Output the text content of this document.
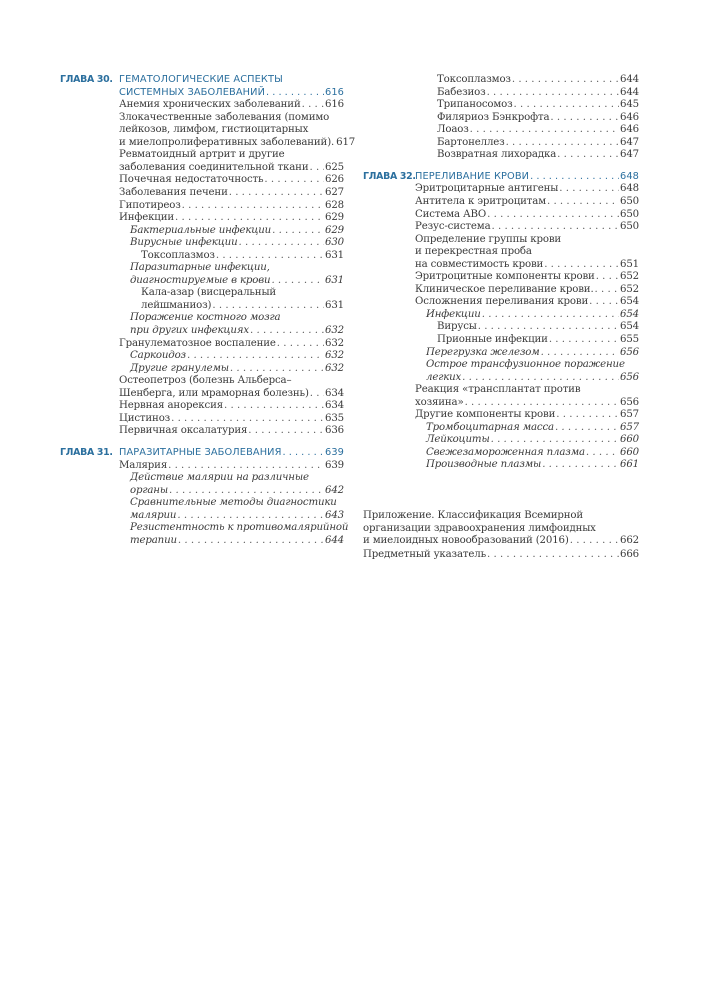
ГЛАВА 30. ГЕМАТОЛОГИЧЕСКИЕ АСПЕКТЫ
СИСТЕМНЫХ ЗАБОЛЕВАНИЙ . . .	616
Анемия хронических заболеваний . . . 616
Злокачественные заболевания (помимо
лейкозов, лимфом, гистиоцитарных
и миелопролиферативных заболеваний). 617
Ревматоидный артрит и другие
заболевания соединительной ткани . . . 625
Почечная недостаточность . . .	626
Заболевания печени . . .	627
Гипотиреоз . . .	628
Инфекции . . .	629
Бактериальные инфекции . . .	629
Вирусные инфекции . . .	630
Токсоплазмоз . . .	631
Паразитарные инфекции,
диагностируемые в крови . . .	631
Кала-азар (висцеральный
лейшманиоз) . . .	631
Поражение костного мозга
при других инфекциях . . .	632
Гранулематозное воспаление . . .	632
Саркоидоз . . .	632
Другие гранулемы . . .	632
Остеопетроз (болезнь Альберса–
Шенберга, или мраморная болезнь) . . . 634
Нервная анорексия . . .	634
Цистиноз . . .	635
Первичная оксалатурия . . .	636
ГЛАВА 31. ПАРАЗИТАРНЫЕ ЗАБОЛЕВАНИЯ . . .	639
Малярия . . .	639
Действие малярии на различные
органы . . .	642
Сравнительные методы диагностики
малярии . . .	643
Резистентность к противомалярийной
терапии . . .	644
Токсоплазмоз . . .	644
Бабезиоз . . .	644
Трипаносомоз . . .	645
Филяриоз Бэнкрофта . . .	646
Лоаоз . . .	646
Бартонеллез . . .	647
Возвратная лихорадка . . .	647
ГЛАВА 32. ПЕРЕЛИВАНИЕ КРОВИ . . .	648
Эритроцитарные антигены . . .	648
Антитела к эритроцитам . . .	650
Система АВО . . .	650
Резус-система . . .	650
Определение группы крови
и перекрестная проба
на совместимость крови . . .	651
Эритроцитные компоненты крови . . . 652
Клиническое переливание крови. . . .	652
Осложнения переливания крови . . .	654
Инфекции . . .	654
Вирусы . . .	654
Прионные инфекции . . .	655
Перегрузка железом . . .	656
Острое трансфузионное поражение
легких . . .	656
Реакция «трансплантат против
хозяина» . . .	656
Другие компоненты крови . . .	657
Тромбоцитарная масса . . .	657
Лейкоциты . . .	660
Свежезамороженная плазма . . .	660
Производные плазмы . . .	661
Приложение. Классификация Всемирной
организации здравоохранения лимфоидных
и миелоидных новообразований (2016) . . .	662
Предметный указатель . . .	666
